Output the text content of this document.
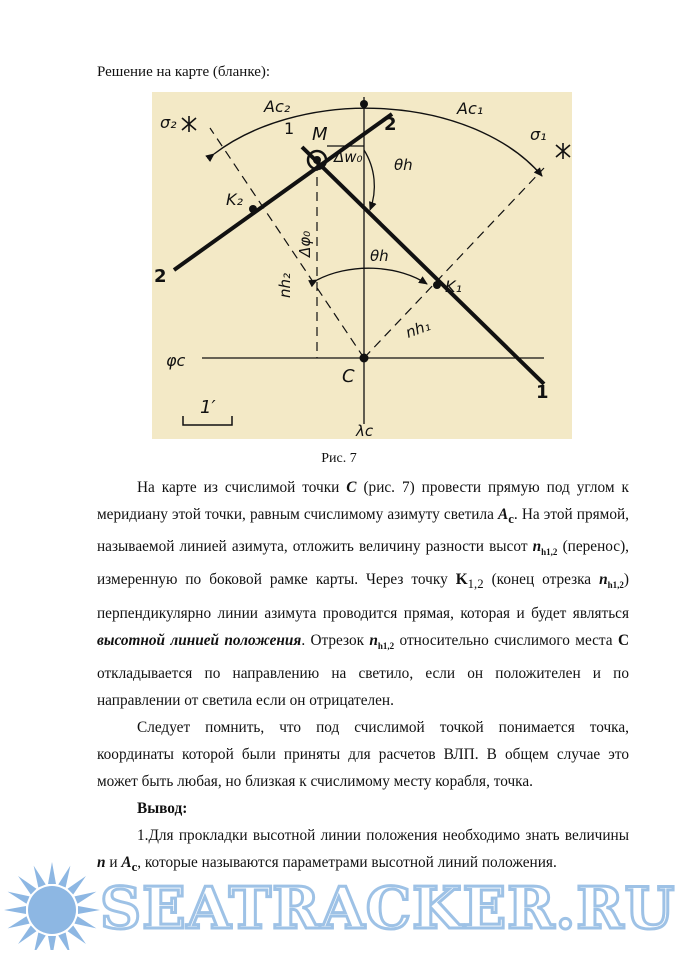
Решение на карте (бланке):
σ₂
σ₁
Ac₂	Ac₁
M
1	2
Δw₀ θh
K₂
θh
K₁
Δφ₀
nh₂
nh₁
2
1
φc
C
λc
1′
Рис. 7

На карте из счислимой точки C (рис. 7) провести прямую под углом к меридиану этой точки, равным счислимому азимуту светила $A_c$. На этой прямой, называемой линией азимута, отложить величину разности высот $n_{h1,2}$ (перенос), измеренную по боковой рамке карты. Через точку $K_{1,2}$ (конец отрезка $n_{h1,2}$) перпендикулярно линии азимута проводится прямая, которая и будет являться высотной линией положения. Отрезок $n_{h1,2}$ относительно счислимого места C откладывается по направлению на светило, если он положителен и по направлении от светила если он отрицателен.

Следует помнить, что под счислимой точкой понимается точка, координаты которой были приняты для расчетов ВЛП. В общем случае это может быть любая, но близкая к счислимому месту корабля, точка.

Вывод:

1.Для прокладки высотной линии положения необходимо знать величины n и $A_c$, которые называются параметрами высотной линий положения.

SEATRACKER.RU
